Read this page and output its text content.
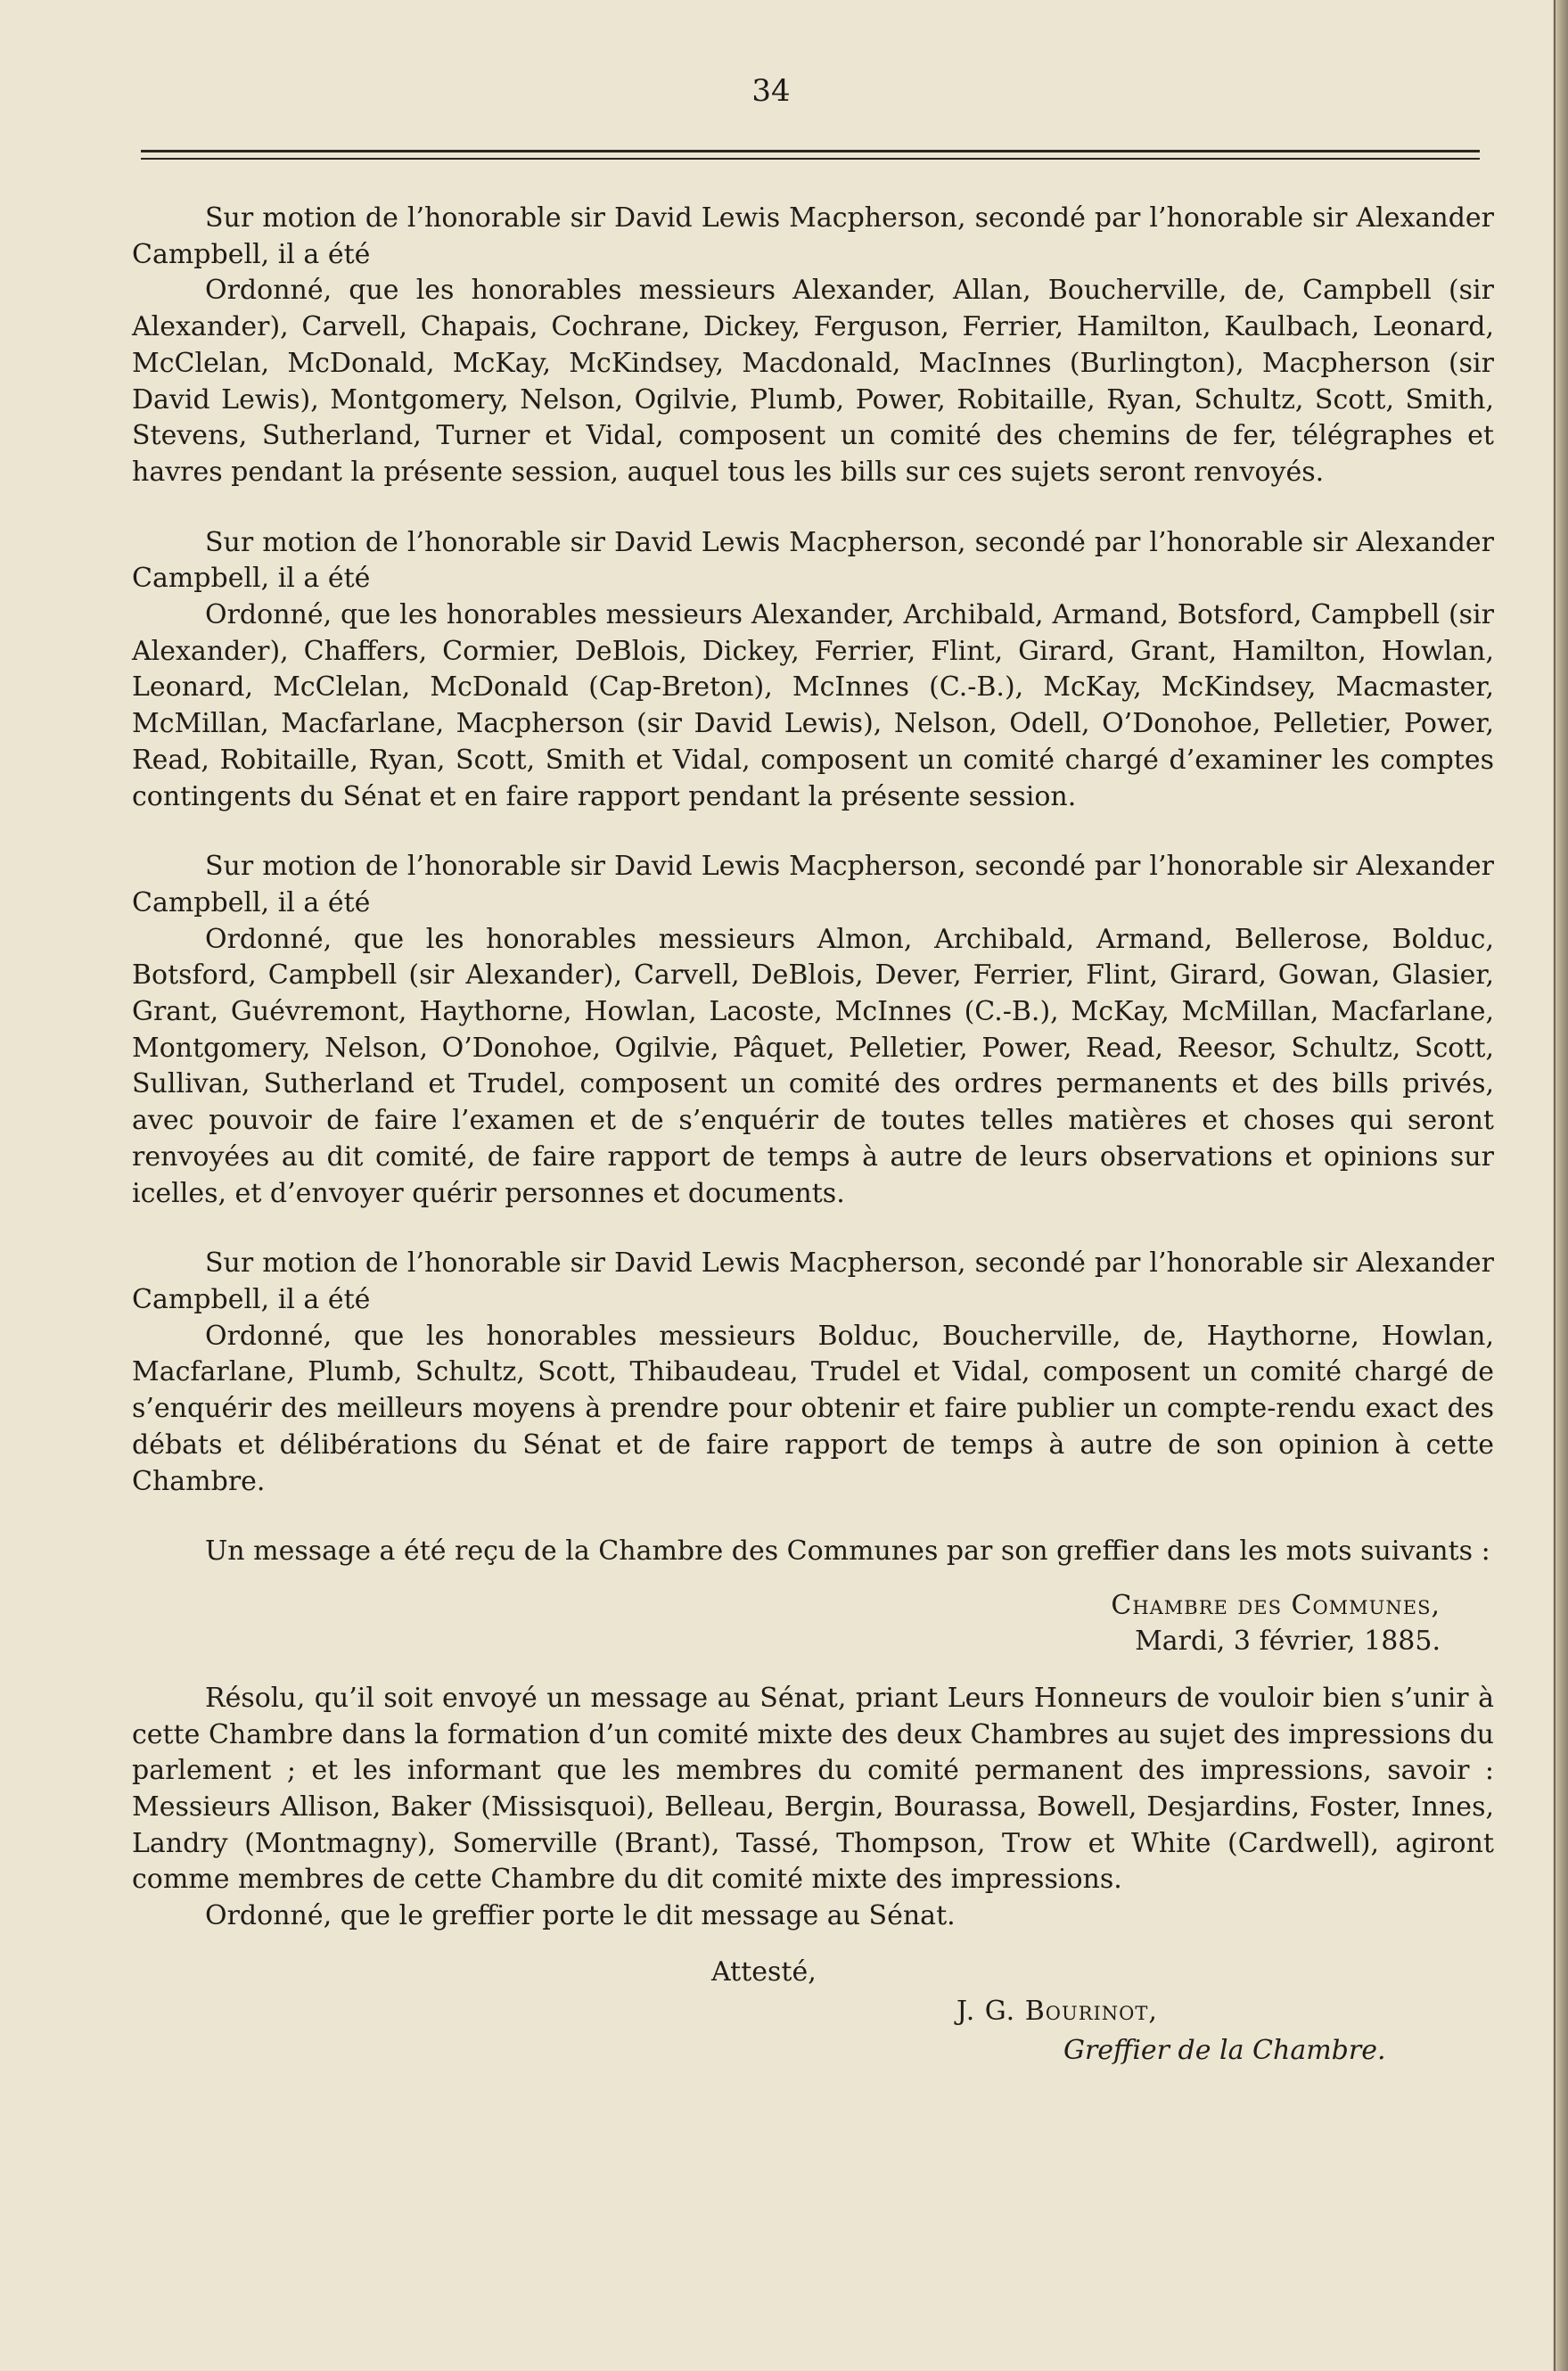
34

Sur motion de l’honorable sir David Lewis Macpherson, secondé par l’honorable sir Alexander Campbell, il a été

Ordonné, que les honorables messieurs Alexander, Allan, Boucherville, de, Campbell (sir Alexander), Carvell, Chapais, Cochrane, Dickey, Ferguson, Ferrier, Hamilton, Kaulbach, Leonard, McClelan, McDonald, McKay, McKindsey, Macdonald, MacInnes (Burlington), Macpherson (sir David Lewis), Montgomery, Nelson, Ogilvie, Plumb, Power, Robitaille, Ryan, Schultz, Scott, Smith, Stevens, Sutherland, Turner et Vidal, composent un comité des chemins de fer, télégraphes et havres pendant la présente session, auquel tous les bills sur ces sujets seront renvoyés.

Sur motion de l’honorable sir David Lewis Macpherson, secondé par l’honorable sir Alexander Campbell, il a été

Ordonné, que les honorables messieurs Alexander, Archibald, Armand, Botsford, Campbell (sir Alexander), Chaffers, Cormier, DeBlois, Dickey, Ferrier, Flint, Girard, Grant, Hamilton, Howlan, Leonard, McClelan, McDonald (Cap-Breton), McInnes (C.-B.), McKay, McKindsey, Macmaster, McMillan, Macfarlane, Macpherson (sir David Lewis), Nelson, Odell, O’Donohoe, Pelletier, Power, Read, Robitaille, Ryan, Scott, Smith et Vidal, composent un comité chargé d’examiner les comptes contingents du Sénat et en faire rapport pendant la présente session.

Sur motion de l’honorable sir David Lewis Macpherson, secondé par l’honorable sir Alexander Campbell, il a été

Ordonné, que les honorables messieurs Almon, Archibald, Armand, Bellerose, Bolduc, Botsford, Campbell (sir Alexander), Carvell, DeBlois, Dever, Ferrier, Flint, Girard, Gowan, Glasier, Grant, Guévremont, Haythorne, Howlan, Lacoste, McInnes (C.-B.), McKay, McMillan, Macfarlane, Montgomery, Nelson, O’Donohoe, Ogilvie, Pâquet, Pelletier, Power, Read, Reesor, Schultz, Scott, Sullivan, Sutherland et Trudel, composent un comité des ordres permanents et des bills privés, avec pouvoir de faire l’examen et de s’enquérir de toutes telles matières et choses qui seront renvoyées au dit comité, de faire rapport de temps à autre de leurs observations et opinions sur icelles, et d’envoyer quérir personnes et documents.

Sur motion de l’honorable sir David Lewis Macpherson, secondé par l’honorable sir Alexander Campbell, il a été

Ordonné, que les honorables messieurs Bolduc, Boucherville, de, Haythorne, Howlan, Macfarlane, Plumb, Schultz, Scott, Thibaudeau, Trudel et Vidal, composent un comité chargé de s’enquérir des meilleurs moyens à prendre pour obtenir et faire publier un compte-rendu exact des débats et délibérations du Sénat et de faire rapport de temps à autre de son opinion à cette Chambre.

Un message a été reçu de la Chambre des Communes par son greffier dans les mots suivants :

Chambre des Communes,
Mardi, 3 février, 1885.

Résolu, qu’il soit envoyé un message au Sénat, priant Leurs Honneurs de vouloir bien s’unir à cette Chambre dans la formation d’un comité mixte des deux Chambres au sujet des impressions du parlement ; et les informant que les membres du comité permanent des impressions, savoir : Messieurs Allison, Baker (Missisquoi), Belleau, Bergin, Bourassa, Bowell, Desjardins, Foster, Innes, Landry (Montmagny), Somerville (Brant), Tassé, Thompson, Trow et White (Cardwell), agiront comme membres de cette Chambre du dit comité mixte des impressions.

Ordonné, que le greffier porte le dit message au Sénat.

Attesté,
J. G. Bourinot,
Greffier de la Chambre.
